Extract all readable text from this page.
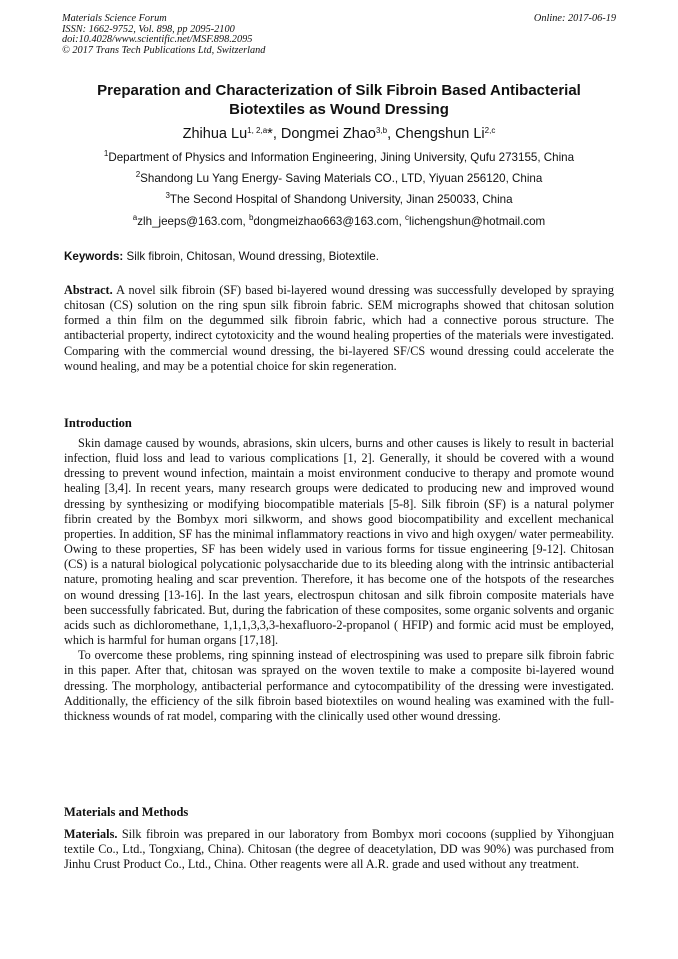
Materials Science Forum
ISSN: 1662-9752, Vol. 898, pp 2095-2100
doi:10.4028/www.scientific.net/MSF.898.2095
© 2017 Trans Tech Publications Ltd, Switzerland
Online: 2017-06-19
Preparation and Characterization of Silk Fibroin Based Antibacterial Biotextiles as Wound Dressing
Zhihua Lu$^{1, 2,a}$*, Dongmei Zhao$^{3,b}$, Chengshun Li$^{2,c}$
$^1$Department of Physics and Information Engineering, Jining University, Qufu 273155, China
$^2$Shandong Lu Yang Energy- Saving Materials CO., LTD, Yiyuan 256120, China
$^3$The Second Hospital of Shandong University, Jinan 250033, China
$^a$zlh_jeeps@163.com, $^b$dongmeizhao663@163.com, $^c$lichengshun@hotmail.com
Keywords: Silk fibroin, Chitosan, Wound dressing, Biotextile.
Abstract. A novel silk fibroin (SF) based bi-layered wound dressing was successfully developed by spraying chitosan (CS) solution on the ring spun silk fibroin fabric. SEM micrographs showed that chitosan solution formed a thin film on the degummed silk fibroin fabric, which had a connective porous structure. The antibacterial property, indirect cytotoxicity and the wound healing properties of the materials were investigated. Comparing with the commercial wound dressing, the bi-layered SF/CS wound dressing could accelerate the wound healing, and may be a potential choice for skin regeneration.
Introduction

Skin damage caused by wounds, abrasions, skin ulcers, burns and other causes is likely to result in bacterial infection, fluid loss and lead to various complications [1, 2]. Generally, it should be covered with a wound dressing to prevent wound infection, maintain a moist environment conducive to therapy and promote wound healing [3,4]. In recent years, many research groups were dedicated to producing new and improved wound dressing by synthesizing or modifying biocompatible materials [5-8]. Silk fibroin (SF) is a natural polymer fibrin created by the Bombyx mori silkworm, and shows good biocompatibility and excellent mechanical properties. In addition, SF has the minimal inflammatory reactions in vivo and high oxygen/ water permeability. Owing to these properties, SF has been widely used in various forms for tissue engineering [9-12]. Chitosan (CS) is a natural biological polycationic polysaccharide due to its bleeding along with the intrinsic antibacterial nature, promoting healing and scar prevention. Therefore, it has become one of the hotspots of the researches on wound dressing [13-16]. In the last years, electrospun chitosan and silk fibroin composite materials have been successfully fabricated. But, during the fabrication of these composites, some organic solvents and organic acids such as dichloromethane, 1,1,1,3,3,3-hexafluoro-2-propanol ( HFIP) and formic acid must be employed, which is harmful for human organs [17,18].

To overcome these problems, ring spinning instead of electrospining was used to prepare silk fibroin fabric in this paper. After that, chitosan was sprayed on the woven textile to make a composite bi-layered wound dressing. The morphology, antibacterial performance and cytocompatibility of the dressing were investigated. Additionally, the efficiency of the silk fibroin based biotextiles on wound healing was examined with the full-thickness wounds of rat model, comparing with the clinically used other wound dressing.

Materials and Methods
Materials. Silk fibroin was prepared in our laboratory from Bombyx mori cocoons (supplied by Yihongjuan textile Co., Ltd., Tongxiang, China). Chitosan (the degree of deacetylation, DD was 90%) was purchased from Jinhu Crust Product Co., Ltd., China. Other reagents were all A.R. grade and used without any treatment.
